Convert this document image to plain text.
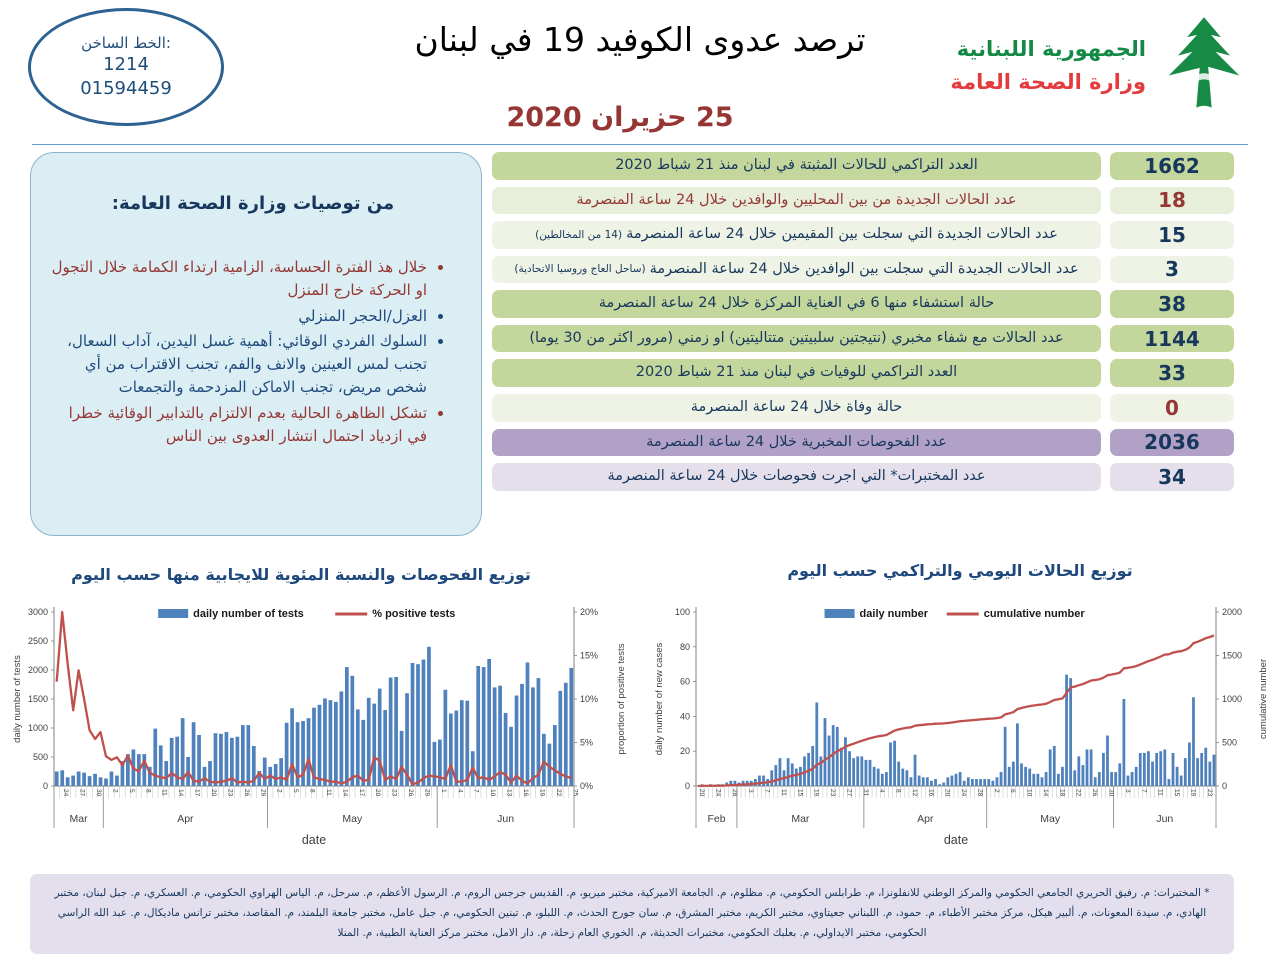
الخط الساخن:
1214
01594459
ترصد عدوى الكوفيد 19 في لبنان
25 حزيران 2020
الجمهورية اللبنانية
وزارة الصحة العامة
من توصيات وزارة الصحة العامة:
• خلال هذ الفترة الحساسة، الزامية ارتداء الكمامة خلال التجول او الحركة خارج المنزل
• العزل/الحجر المنزلي
• السلوك الفردي الوقائي: أهمية غسل اليدين، آداب السعال، تجنب لمس العينين والانف والفم، تجنب الاقتراب من أي شخص مريض، تجنب الاماكن المزدحمة والتجمعات
• تشكل الظاهرة الحالية بعدم الالتزام بالتدابير الوقائية خطرا في ازدياد احتمال انتشار العدوى بين الناس
العدد التراكمي للحالات المثبتة في لبنان منذ 21 شباط 2020	1662
عدد الحالات الجديدة من بين المحليين والوافدين خلال 24 ساعة المنصرمة	18
عدد الحالات الجديدة التي سجلت بين المقيمين خلال 24 ساعة المنصرمة
(14 من المخالطين)	15
عدد الحالات الجديدة التي سجلت بين الوافدين خلال 24 ساعة المنصرمة
(ساحل العاج وروسيا الاتحادية)	3
حالة استشفاء منها 6 في العناية المركزة خلال 24 ساعة المنصرمة	38
عدد الحالات مع شفاء مخبري (نتيجتين سلبيتين متتاليتين) او زمني (مرور اكثر من 30 يوما)	1144
العدد التراكمي للوفيات في لبنان منذ 21 شباط 2020	33
حالة وفاة خلال 24 ساعة المنصرمة	0
عدد الفحوصات المخبرية خلال 24 ساعة المنصرمة	2036
عدد المختبرات* التي اجرت فحوصات خلال 24 ساعة المنصرمة	34
توزيع الفحوصات والنسبة المئوية للايجابية منها حسب اليوم	توزيع الحالات اليومي والتراكمي حسب اليوم
0
500
1000
1500
2000
2500
3000
0%
5%
10%
15%
20%
24 27 30 2 5 8 11 14 17 20 23 26 29 2 5 8 11 14 17 20 23 26 29 1 4 7 10 13 16 19 22 25
Mar	Apr	May	Jun
date
daily number of tests	proportion of positive tests
daily number of tests	% positive tests
0
20
40
60
80
100
0
500
1000
1500
2000
20 24 28 3 7 11 15 19 23 27 31 4 8 12 16 20 24 28 2 6 10 14 18 22 26 30 3 7 11 15 19 23
Feb	Mar	Apr	May	Jun
date
daily number of new cases	cumulative number
daily number	cumulative number
* المختبرات: م. رفيق الحريري الجامعي الحكومي والمركز الوطني للانفلونزا، م. طرابلس الحكومي، م. مظلوم، م. الجامعة الاميركية، مختبر ميريو، م. القديس جرجس الروم، م. الرسول الأعظم، م. سرحل، م. الياس الهراوي الحكومي، م. العسكري، م. جبل لبنان، مختبر الهادي، م. سيدة المعونات، م. ألبير هيكل، مركز مختبر الأطباء، م. حمود، م. اللبناني جعيتاوي، مختبر الكريم، مختبر المشرق، م. سان جورج الحدث، م. اللبلو، م. تبنين الحكومي، م. جبل عامل، مختبر جامعة البلمند، م. المقاصد، مختبر ترانس ماديكال، م. عبد الله الراسي الحكومي، مختبر الايداولي، م. بعلبك الحكومي، مختبرات الحديثة، م. الخوري العام زحلة، م. دار الامل، مختبر مركز العناية الطبية، م. المنلا
